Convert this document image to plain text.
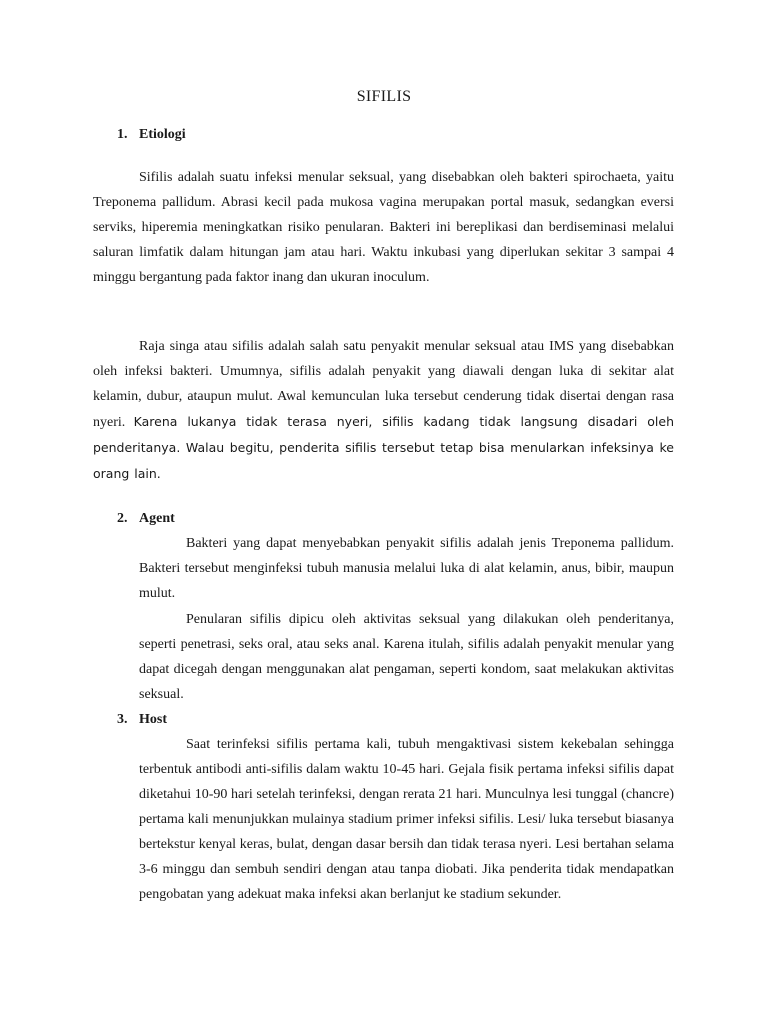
SIFILIS
1. Etiologi

Sifilis adalah suatu infeksi menular seksual, yang disebabkan oleh bakteri spirochaeta, yaitu Treponema pallidum. Abrasi kecil pada mukosa vagina merupakan portal masuk, sedangkan eversi serviks, hiperemia meningkatkan risiko penularan. Bakteri ini bereplikasi dan berdiseminasi melalui saluran limfatik dalam hitungan jam atau hari. Waktu inkubasi yang diperlukan sekitar 3 sampai 4 minggu bergantung pada faktor inang dan ukuran inoculum.

Raja singa atau sifilis adalah salah satu penyakit menular seksual atau IMS yang disebabkan oleh infeksi bakteri. Umumnya, sifilis adalah penyakit yang diawali dengan luka di sekitar alat kelamin, dubur, ataupun mulut. Awal kemunculan luka tersebut cenderung tidak disertai dengan rasa nyeri. Karena lukanya tidak terasa nyeri, sifilis kadang tidak langsung disadari oleh penderitanya. Walau begitu, penderita sifilis tersebut tetap bisa menularkan infeksinya ke orang lain.
2. Agent

Bakteri yang dapat menyebabkan penyakit sifilis adalah jenis Treponema pallidum. Bakteri tersebut menginfeksi tubuh manusia melalui luka di alat kelamin, anus, bibir, maupun mulut.

Penularan sifilis dipicu oleh aktivitas seksual yang dilakukan oleh penderitanya, seperti penetrasi, seks oral, atau seks anal. Karena itulah, sifilis adalah penyakit menular yang dapat dicegah dengan menggunakan alat pengaman, seperti kondom, saat melakukan aktivitas seksual.

3. Host

Saat terinfeksi sifilis pertama kali, tubuh mengaktivasi sistem kekebalan sehingga terbentuk antibodi anti-sifilis dalam waktu 10-45 hari. Gejala fisik pertama infeksi sifilis dapat diketahui 10-90 hari setelah terinfeksi, dengan rerata 21 hari. Munculnya lesi tunggal (chancre) pertama kali menunjukkan mulainya stadium primer infeksi sifilis. Lesi/ luka tersebut biasanya bertekstur kenyal keras, bulat, dengan dasar bersih dan tidak terasa nyeri. Lesi bertahan selama 3-6 minggu dan sembuh sendiri dengan atau tanpa diobati. Jika penderita tidak mendapatkan pengobatan yang adekuat maka infeksi akan berlanjut ke stadium sekunder.
